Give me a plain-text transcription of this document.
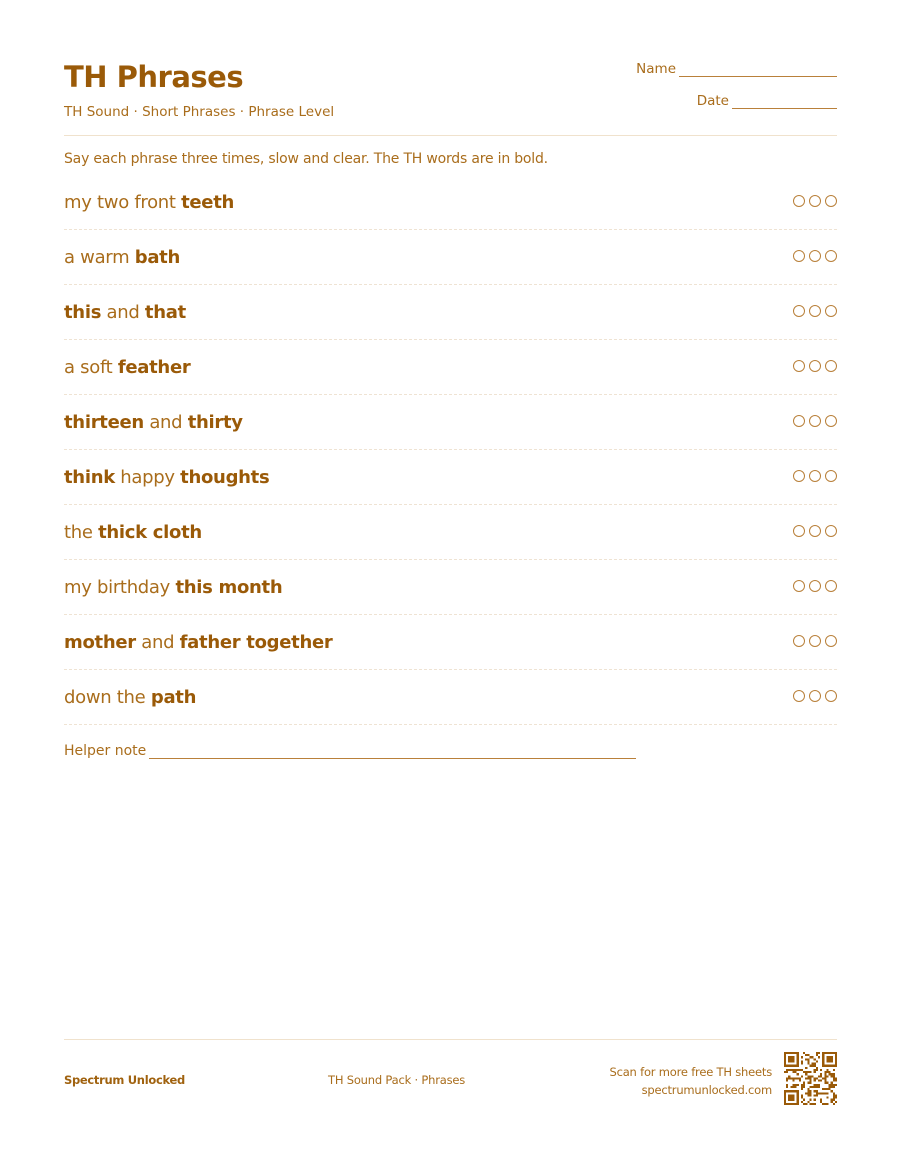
TH Phrases
TH Sound · Short Phrases · Phrase Level
Name
Date
Say each phrase three times, slow and clear. The TH words are in bold.
my two front teeth
a warm bath
this and that
a soft feather
thirteen and thirty
think happy thoughts
the thick cloth
my birthday this month
mother and father together
down the path
Helper note
Spectrum Unlocked	TH Sound Pack · Phrases
Scan for more free TH sheets
spectrumunlocked.com
